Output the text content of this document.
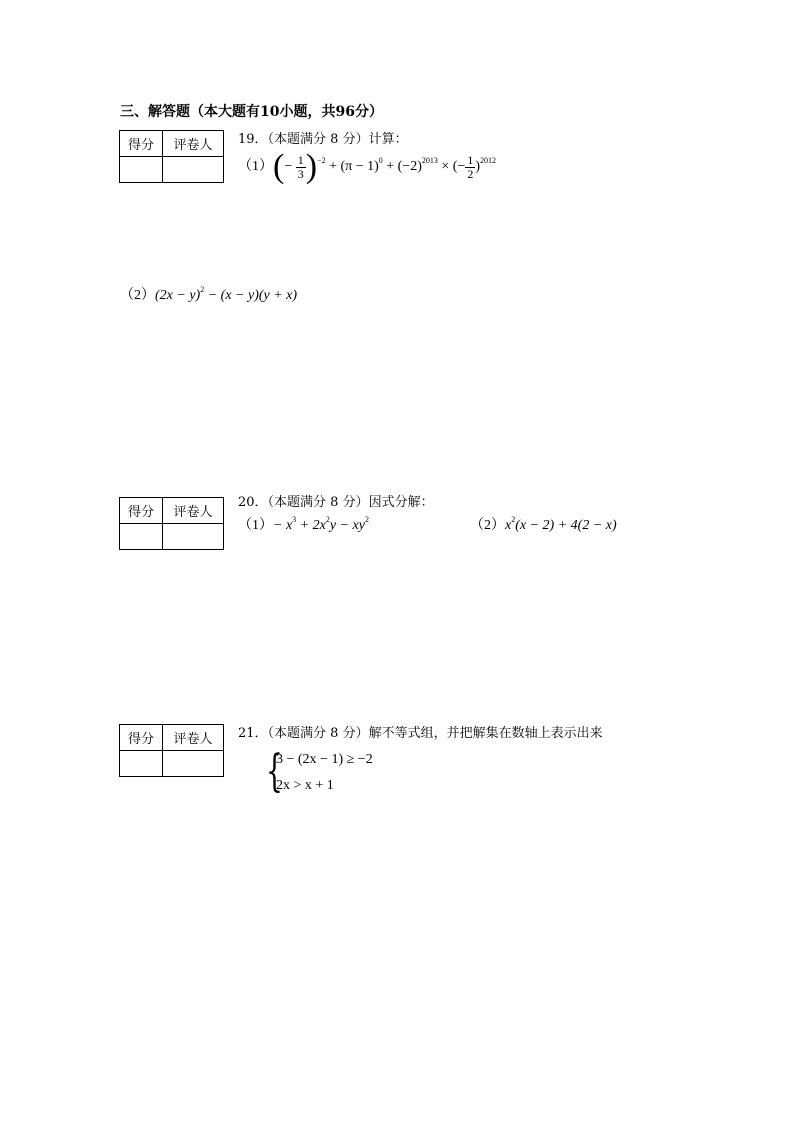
三、解答题（本大题有10小题，共96分）
得分	评卷人
	19．（本题满分 8 分）计算：
$(1)(- \frac{1}{3} )^{-2} + (\pi - 1)^0 + (-2)^{2013}$ × (− $\frac{1}{2} )^{2012}$
$(2)(2x - y)^2 - (x - y)(y + x)$
得分	评卷人

20．（本题满分 8 分）因式分解：
$(1)- x^3 + 2x^2y - xy^2$	$(2)x^2(x - 2) + 4(2 - x)$
得分	评卷人
	21．（本题满分 8 分）解不等式组，并把解集在数轴上表示出来
{
3 − (2x − 1) ≥ −2
2x > x + 1
